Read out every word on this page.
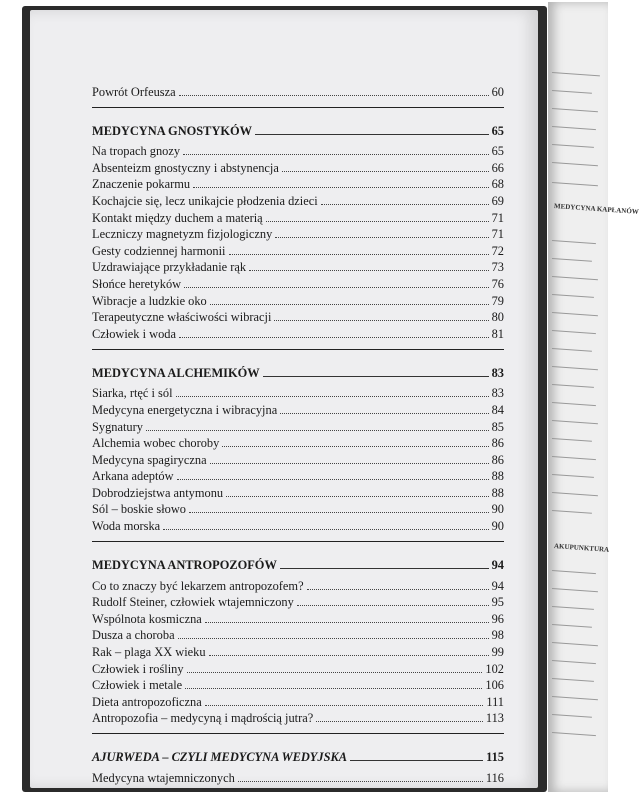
MEDYCYNA KAPŁANÓW
AKUPUNKTURA
Powrót Orfeusza	60
MEDYCYNA GNOSTYKÓW	65
Na tropach gnozy	65
Absenteizm gnostyczny i abstynencja	66
Znaczenie pokarmu	68
Kochajcie się, lecz unikajcie płodzenia dzieci	69
Kontakt między duchem a materią	71
Leczniczy magnetyzm fizjologiczny	71
Gesty codziennej harmonii	72
Uzdrawiające przykładanie rąk	73
Słońce heretyków	76
Wibracje a ludzkie oko	79
Terapeutyczne właściwości wibracji	80
Człowiek i woda	81
MEDYCYNA ALCHEMIKÓW	83
Siarka, rtęć i sól	83
Medycyna energetyczna i wibracyjna	84
Sygnatury	85
Alchemia wobec choroby	86
Medycyna spagiryczna	86
Arkana adeptów	88
Dobrodziejstwa antymonu	88
Sól – boskie słowo	90
Woda morska	90
MEDYCYNA ANTROPOZOFÓW	94
Co to znaczy być lekarzem antropozofem?	94
Rudolf Steiner, człowiek wtajemniczony	95
Wspólnota kosmiczna	96
Dusza a choroba	98
Rak – plaga XX wieku	99
Człowiek i rośliny	102
Człowiek i metale	106
Dieta antropozoficzna	111
Antropozofia – medycyną i mądrością jutra?	113
AJURWEDA – CZYLI MEDYCYNA WEDYJSKA	115
Medycyna wtajemniczonych	116
